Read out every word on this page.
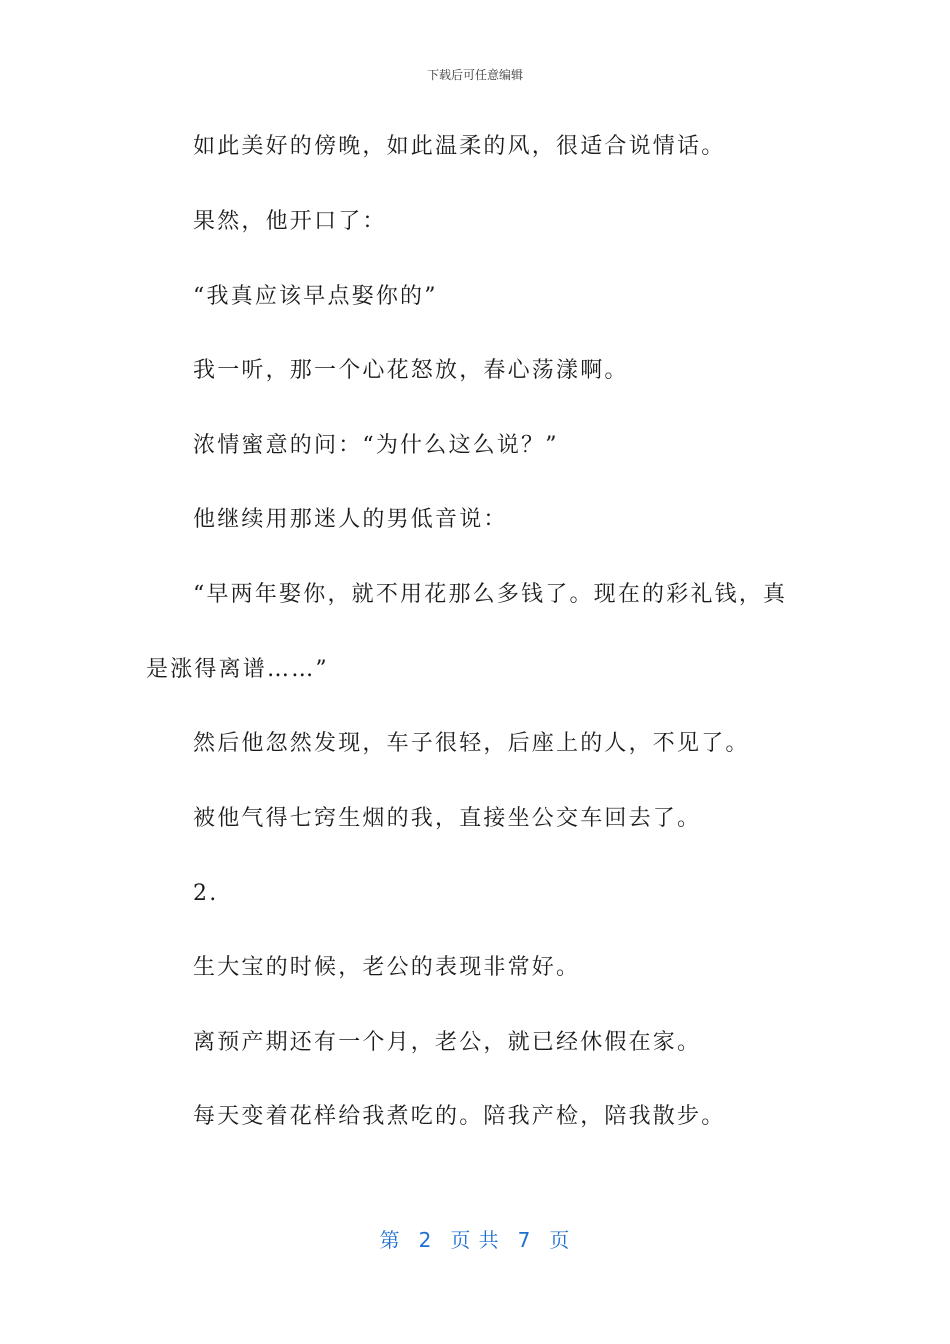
下载后可任意编辑
如此美好的傍晚，如此温柔的风，很适合说情话。
果然，他开口了：
“我真应该早点娶你的”
我一听，那一个心花怒放，春心荡漾啊。
浓情蜜意的问：“为什么这么说？”
他继续用那迷人的男低音说：
“早两年娶你，就不用花那么多钱了。现在的彩礼钱，真
是涨得离谱……”
然后他忽然发现，车子很轻，后座上的人，不见了。
被他气得七窍生烟的我，直接坐公交车回去了。
2.
生大宝的时候，老公的表现非常好。
离预产期还有一个月，老公，就已经休假在家。
每天变着花样给我煮吃的。陪我产检，陪我散步。
第 2 页 共 7 页
